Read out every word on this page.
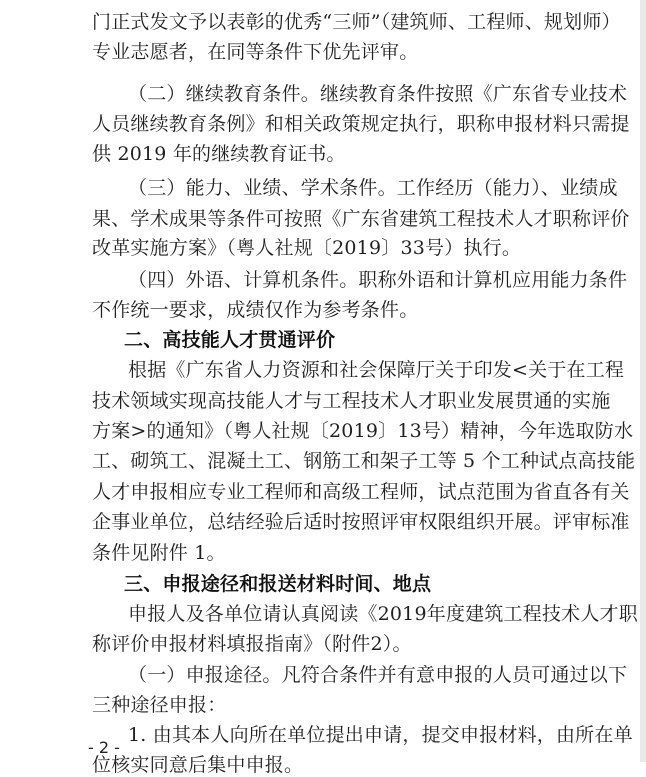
门正式发文予以表彰的优秀“三师”（建筑师、工程师、规划师）
专业志愿者，在同等条件下优先评审。
（二）继续教育条件。继续教育条件按照《广东省专业技术
人员继续教育条例》和相关政策规定执行，职称申报材料只需提
供 2019 年的继续教育证书。
（三）能力、业绩、学术条件。工作经历（能力）、业绩成
果、学术成果等条件可按照《广东省建筑工程技术人才职称评价
改革实施方案》（粤人社规〔2019〕33号）执行。
（四）外语、计算机条件。职称外语和计算机应用能力条件
不作统一要求，成绩仅作为参考条件。
二、高技能人才贯通评价
根据《广东省人力资源和社会保障厅关于印发<关于在工程
技术领域实现高技能人才与工程技术人才职业发展贯通的实施
方案>的通知》（粤人社规〔2019〕13号）精神，今年选取防水
工、砌筑工、混凝土工、钢筋工和架子工等 5 个工种试点高技能
人才申报相应专业工程师和高级工程师，试点范围为省直各有关
企事业单位，总结经验后适时按照评审权限组织开展。评审标准
条件见附件 1。
三、申报途径和报送材料时间、地点
申报人及各单位请认真阅读《2019年度建筑工程技术人才职
称评价申报材料填报指南》（附件2）。
（一）申报途径。凡符合条件并有意申报的人员可通过以下
三种途径申报：
1. 由其本人向所在单位提出申请，提交申报材料，由所在单
位核实同意后集中申报。
- 2 -
